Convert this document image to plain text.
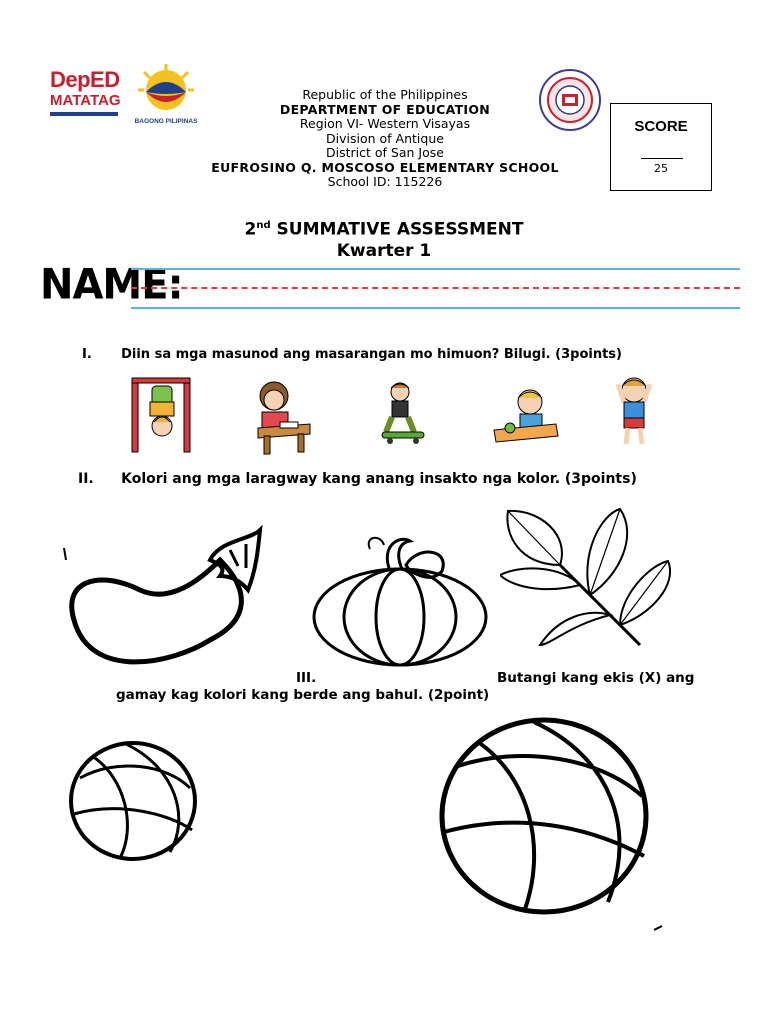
DepED
MATATAG
BAGONG PILIPINAS
Republic of the Philippines
DEPARTMENT OF EDUCATION
Region VI- Western Visayas
Division of Antique
District of San Jose
EUFROSINO Q. MOSCOSO ELEMENTARY SCHOOL
School ID: 115226
SCORE
25
2nd SUMMATIVE ASSESSMENT
Kwarter 1
NAME:
I. Diin sa mga masunod ang masarangan mo himuon? Bilugi. (3points)
II. Kolori ang mga laragway kang anang insakto nga kolor. (3points)
III.	Butangi kang ekis (X) ang
gamay kag kolori kang berde ang bahul. (2point)
